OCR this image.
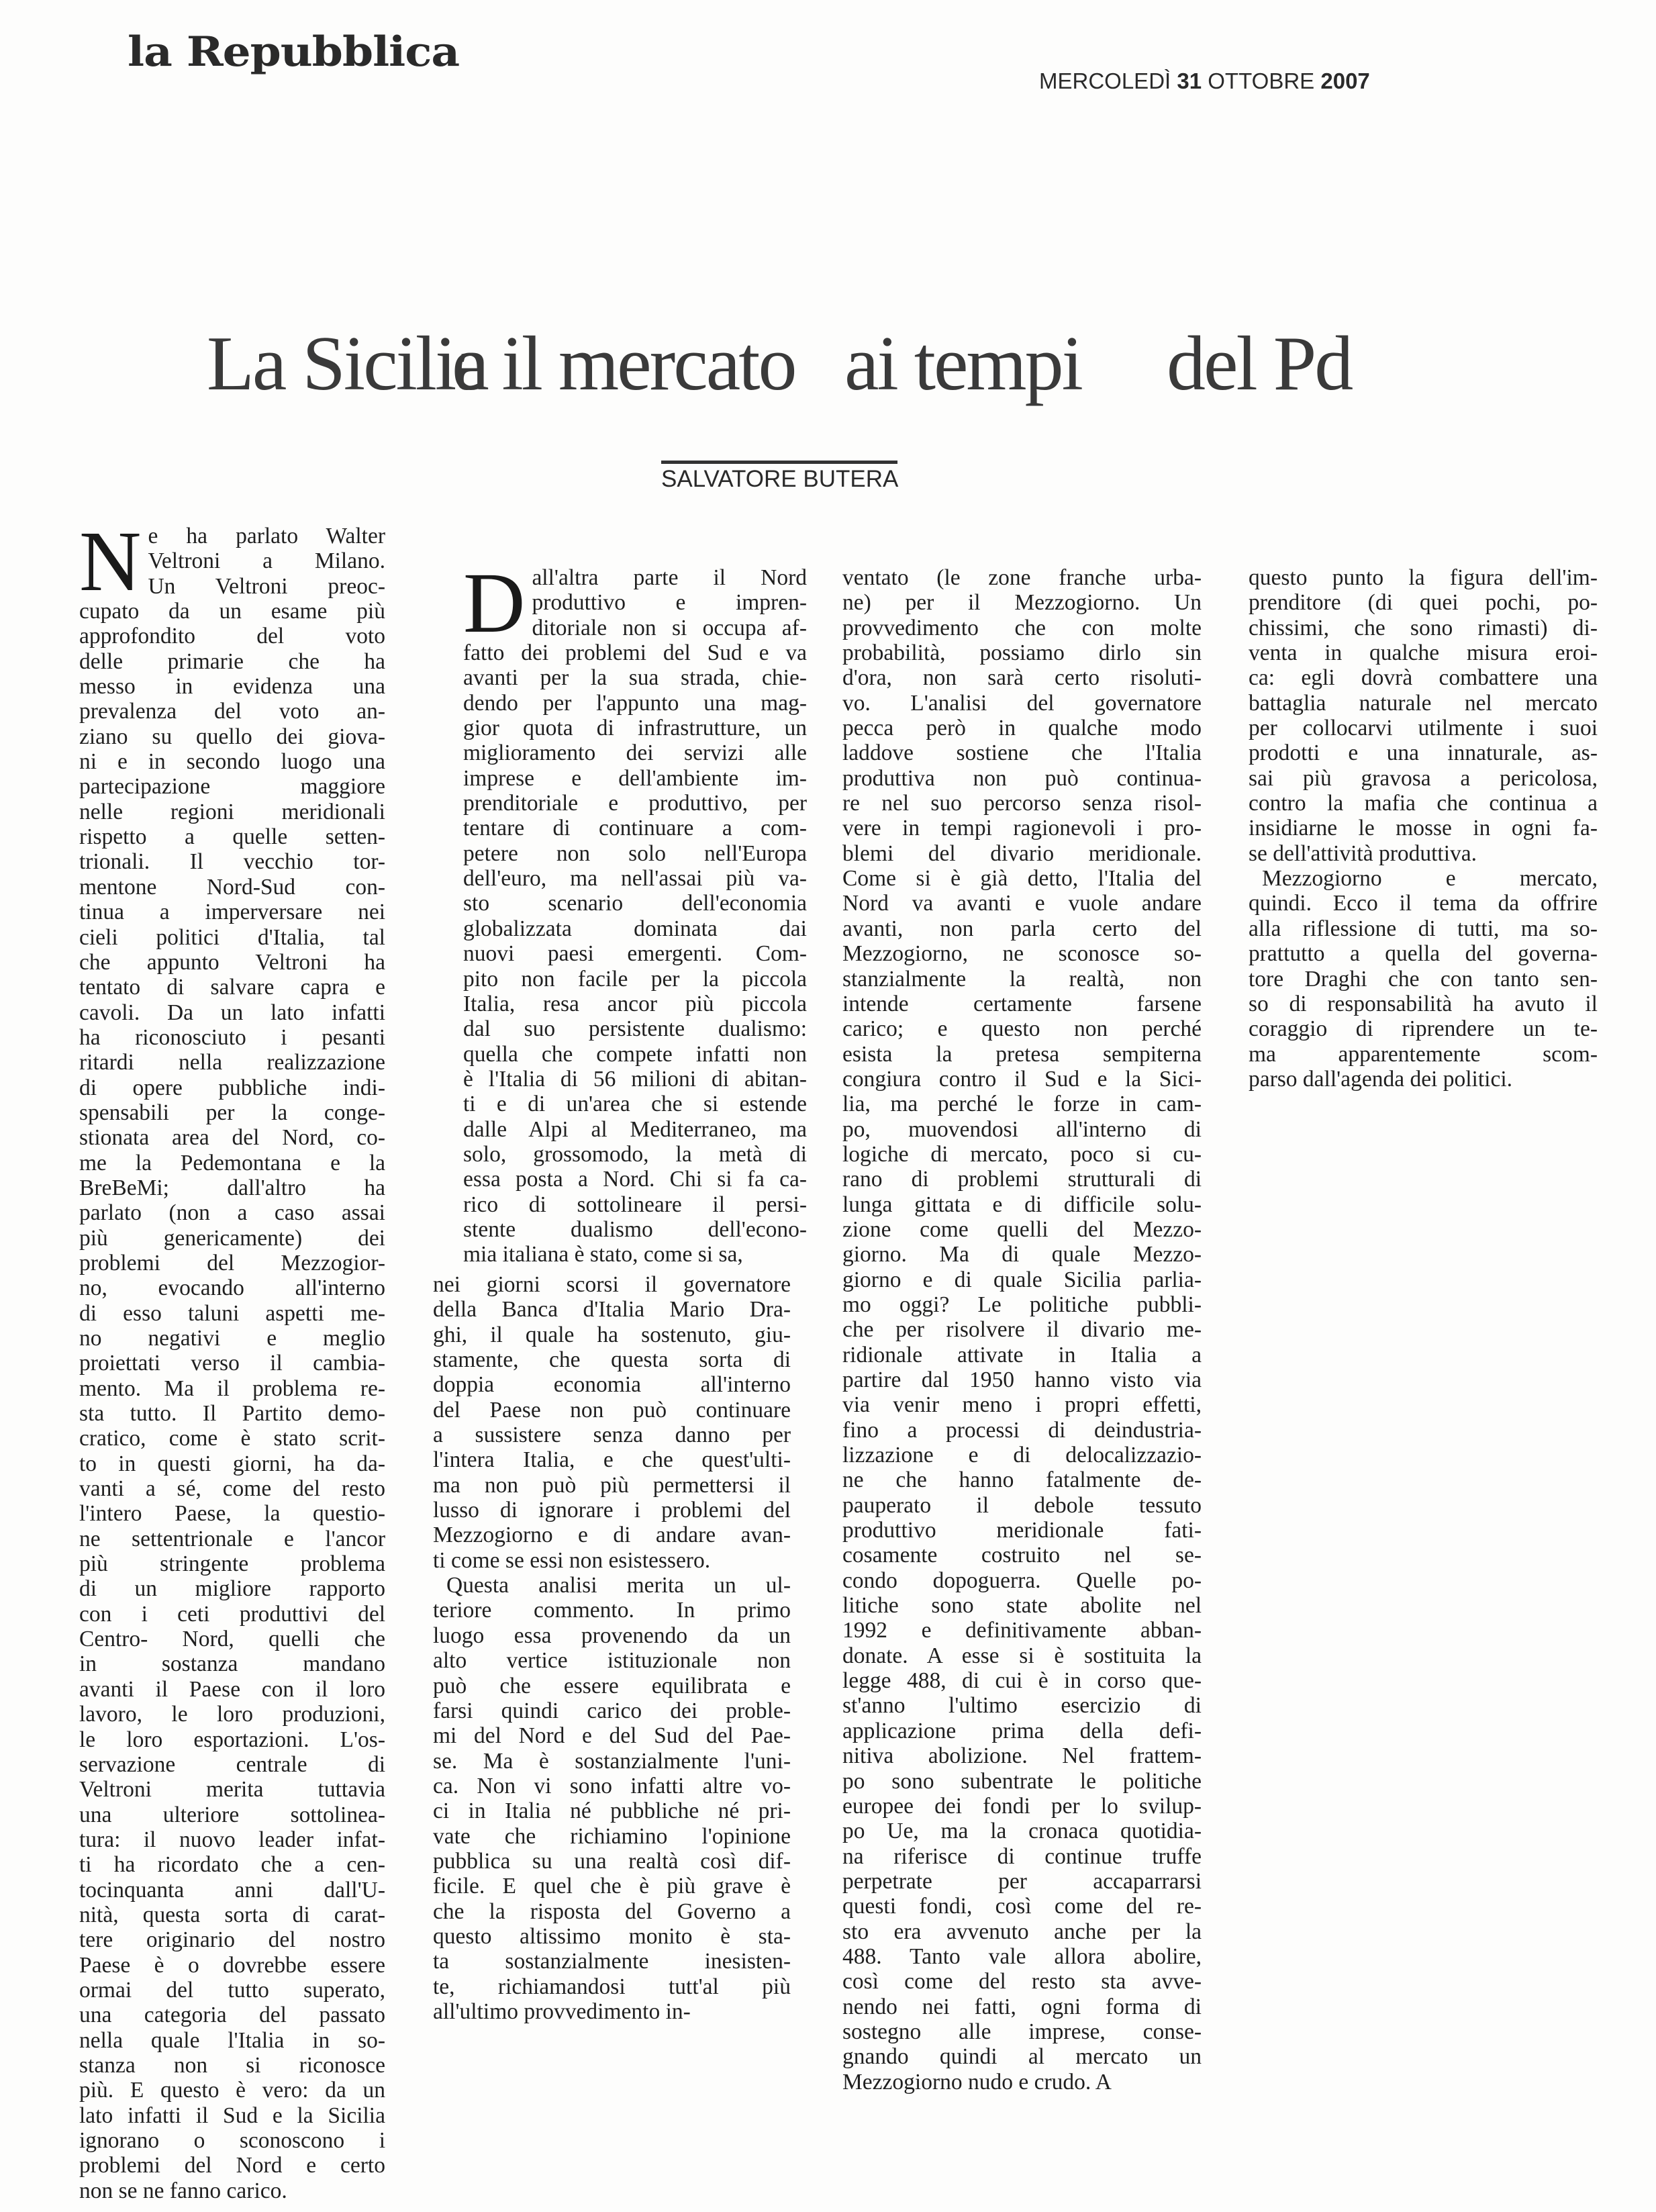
la Repubblica
MERCOLEDÌ 31 OTTOBRE 2007
La Sicilia
e il mercato ai tempi del Pd
SALVATORE BUTERA
N e ha parlato Walter

Veltroni a Milano.

Un Veltroni preoc-

cupato da un esame più

approfondito del voto

delle primarie che ha

messo in evidenza una

prevalenza del voto an-

ziano su quello dei giova-

ni e in secondo luogo una

partecipazione maggiore

nelle regioni meridionali

rispetto a quelle setten-

trionali. Il vecchio tor-

mentone Nord-Sud con-

tinua a imperversare nei

cieli politici d'Italia, tal

che appunto Veltroni ha

tentato di salvare capra e

cavoli. Da un lato infatti

ha riconosciuto i pesanti

ritardi nella realizzazione

di opere pubbliche indi-

spensabili per la conge-

stionata area del Nord, co-

me la Pedemontana e la

BreBeMi; dall'altro ha

parlato (non a caso assai

più genericamente) dei

problemi del Mezzogior-

no, evocando all'interno

di esso taluni aspetti me-

no negativi e meglio

proiettati verso il cambia-

mento. Ma il problema re-

sta tutto. Il Partito demo-

cratico, come è stato scrit-

to in questi giorni, ha da-

vanti a sé, come del resto

l'intero Paese, la questio-

ne settentrionale e l'ancor

più stringente problema

di un migliore rapporto

con i ceti produttivi del

Centro- Nord, quelli che

in sostanza mandano

avanti il Paese con il loro

lavoro, le loro produzioni,

le loro esportazioni. L'os-

servazione centrale di

Veltroni merita tuttavia

una ulteriore sottolinea-

tura: il nuovo leader infat-

ti ha ricordato che a cen-

tocinquanta anni dall'U-

nità, questa sorta di carat-

tere originario del nostro

Paese è o dovrebbe essere

ormai del tutto superato,

una categoria del passato

nella quale l'Italia in so-

stanza non si riconosce

più. E questo è vero: da un

lato infatti il Sud e la Sicilia

ignorano o sconoscono i

problemi del Nord e certo

non se ne fanno carico.

D all'altra parte il Nord

produttivo e impren-

ditoriale non si occupa af-

fatto dei problemi del Sud e va

avanti per la sua strada, chie-

dendo per l'appunto una mag-

gior quota di infrastrutture, un

miglioramento dei servizi alle

imprese e dell'ambiente im-

prenditoriale e produttivo, per

tentare di continuare a com-

petere non solo nell'Europa

dell'euro, ma nell'assai più va-

sto scenario dell'economia

globalizzata dominata dai

nuovi paesi emergenti. Com-

pito non facile per la piccola

Italia, resa ancor più piccola

dal suo persistente dualismo:

quella che compete infatti non

è l'Italia di 56 milioni di abitan-

ti e di un'area che si estende

dalle Alpi al Mediterraneo, ma

solo, grossomodo, la metà di

essa posta a Nord. Chi si fa ca-

rico di sottolineare il persi-

stente dualismo dell'econo-

mia italiana è stato, come si sa,

nei giorni scorsi il governatore

della Banca d'Italia Mario Dra-

ghi, il quale ha sostenuto, giu-

stamente, che questa sorta di

doppia economia all'interno

del Paese non può continuare

a sussistere senza danno per

l'intera Italia, e che quest'ulti-

ma non può più permettersi il

lusso di ignorare i problemi del

Mezzogiorno e di andare avan-

ti come se essi non esistessero.

Questa analisi merita un ul-

teriore commento. In primo

luogo essa provenendo da un

alto vertice istituzionale non

può che essere equilibrata e

farsi quindi carico dei proble-

mi del Nord e del Sud del Pae-

se. Ma è sostanzialmente l'uni-

ca. Non vi sono infatti altre vo-

ci in Italia né pubbliche né pri-

vate che richiamino l'opinione

pubblica su una realtà così dif-

ficile. E quel che è più grave è

che la risposta del Governo a

questo altissimo monito è sta-

ta sostanzialmente inesisten-

te, richiamandosi tutt'al più

all'ultimo provvedimento in-

ventato (le zone franche urba-

ne) per il Mezzogiorno. Un

provvedimento che con molte

probabilità, possiamo dirlo sin

d'ora, non sarà certo risoluti-

vo. L'analisi del governatore

pecca però in qualche modo

laddove sostiene che l'Italia

produttiva non può continua-

re nel suo percorso senza risol-

vere in tempi ragionevoli i pro-

blemi del divario meridionale.

Come si è già detto, l'Italia del

Nord va avanti e vuole andare

avanti, non parla certo del

Mezzogiorno, ne sconosce so-

stanzialmente la realtà, non

intende certamente farsene

carico; e questo non perché

esista la pretesa sempiterna

congiura contro il Sud e la Sici-

lia, ma perché le forze in cam-

po, muovendosi all'interno di

logiche di mercato, poco si cu-

rano di problemi strutturali di

lunga gittata e di difficile solu-

zione come quelli del Mezzo-

giorno. Ma di quale Mezzo-

giorno e di quale Sicilia parlia-

mo oggi? Le politiche pubbli-

che per risolvere il divario me-

ridionale attivate in Italia a

partire dal 1950 hanno visto via

via venir meno i propri effetti,

fino a processi di deindustria-

lizzazione e di delocalizzazio-

ne che hanno fatalmente de-

pauperato il debole tessuto

produttivo meridionale fati-

cosamente costruito nel se-

condo dopoguerra. Quelle po-

litiche sono state abolite nel

1992 e definitivamente abban-

donate. A esse si è sostituita la

legge 488, di cui è in corso que-

st'anno l'ultimo esercizio di

applicazione prima della defi-

nitiva abolizione. Nel frattem-

po sono subentrate le politiche

europee dei fondi per lo svilup-

po Ue, ma la cronaca quotidia-

na riferisce di continue truffe

perpetrate per accaparrarsi

questi fondi, così come del re-

sto era avvenuto anche per la

488. Tanto vale allora abolire,

così come del resto sta avve-

nendo nei fatti, ogni forma di

sostegno alle imprese, conse-

gnando quindi al mercato un

Mezzogiorno nudo e crudo. A

questo punto la figura dell'im-

prenditore (di quei pochi, po-

chissimi, che sono rimasti) di-

venta in qualche misura eroi-

ca: egli dovrà combattere una

battaglia naturale nel mercato

per collocarvi utilmente i suoi

prodotti e una innaturale, as-

sai più gravosa a pericolosa,

contro la mafia che continua a

insidiarne le mosse in ogni fa-

se dell'attività produttiva.

Mezzogiorno e mercato,

quindi. Ecco il tema da offrire

alla riflessione di tutti, ma so-

prattutto a quella del governa-

tore Draghi che con tanto sen-

so di responsabilità ha avuto il

coraggio di riprendere un te-

ma apparentemente scom-

parso dall'agenda dei politici.
